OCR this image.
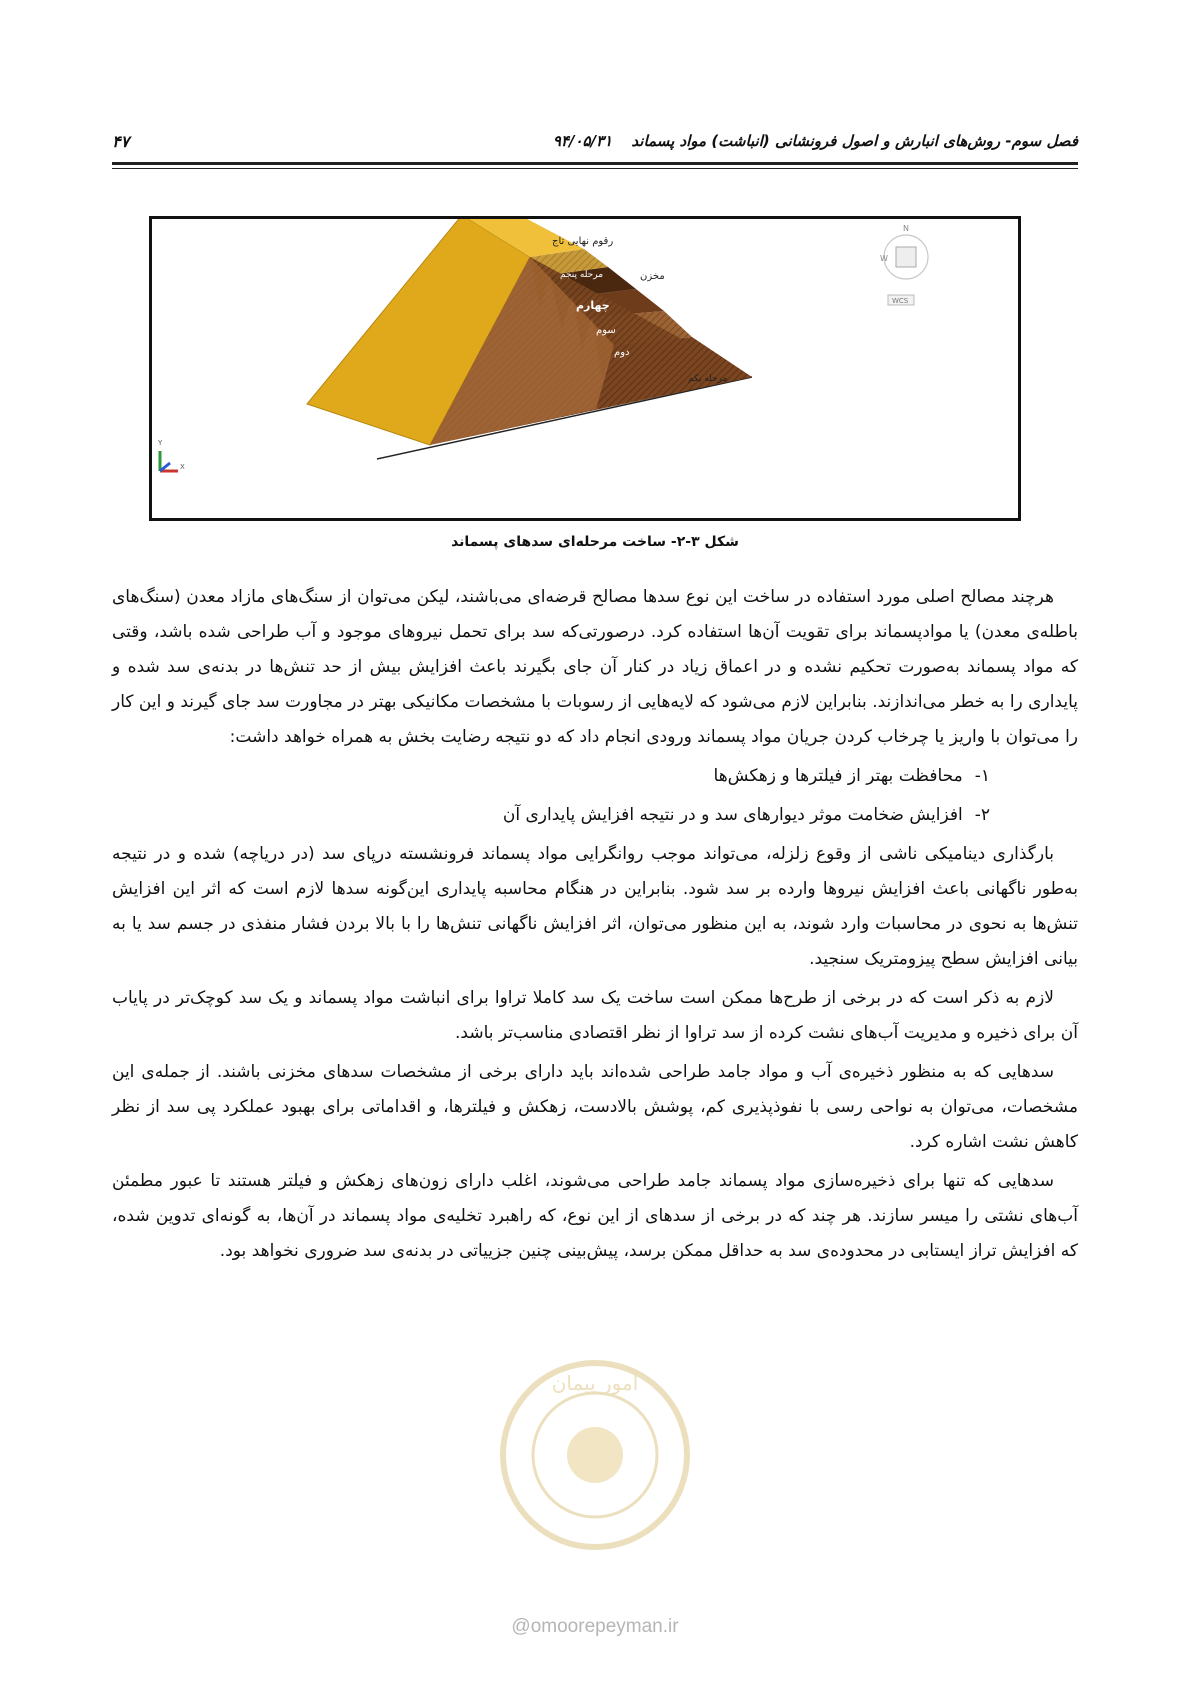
فصل سوم- روش‌های انبارش و اصول فرونشانی (انباشت) مواد پسماند ۹۴/۰۵/۳۱
۴۷
رقوم نهایی تاج
مرحله پنجم	مخزن
چهارم
سوم
دوم
مرحله یکم
N
W
WCS
Y
X
شکل ۳-۲- ساخت مرحله‌ای سدهای پسماند

هرچند مصالح اصلی مورد استفاده در ساخت این نوع سدها مصالح قرضه‌ای می‌باشند، لیکن می‌توان از سنگ‌های مازاد معدن (سنگ‌های باطله‌ی معدن) یا موادپسماند برای تقویت آن‌ها استفاده کرد. درصورتی‌که سد برای تحمل نیروهای موجود و آب طراحی شده باشد، وقتی که مواد پسماند به‌صورت تحکیم نشده و در اعماق زیاد در کنار آن جای بگیرند باعث افزایش بیش از حد تنش‌ها در بدنه‌ی سد شده و پایداری را به خطر می‌اندازند. بنابراین لازم می‌شود که لایه‌هایی از رسوبات با مشخصات مکانیکی بهتر در مجاورت سد جای گیرند و این کار را می‌توان با واریز یا چرخاب کردن جریان مواد پسماند ورودی انجام داد که دو نتیجه رضایت بخش به همراه خواهد داشت:

۱-محافظت بهتر از فیلترها و زهکش‌ها

۲-افزایش ضخامت موثر دیوارهای سد و در نتیجه افزایش پایداری آن

بارگذاری دینامیکی ناشی از وقوع زلزله، می‌تواند موجب روانگرایی مواد پسماند فرونشسته درپای سد (در دریاچه) شده و در نتیجه به‌طور ناگهانی باعث افزایش نیروها وارده بر سد شود. بنابراین در هنگام محاسبه پایداری این‌گونه سدها لازم است که اثر این افزایش تنش‌ها به نحوی در محاسبات وارد شوند، به این منظور می‌توان، اثر افزایش ناگهانی تنش‌ها را با بالا بردن فشار منفذی در جسم سد یا به بیانی افزایش سطح پیزومتریک سنجید.

لازم به ذکر است که در برخی از طرح‌ها ممکن است ساخت یک سد کاملا تراوا برای انباشت مواد پسماند و یک سد کوچک‌تر در پایاب آن برای ذخیره و مدیریت آب‌های نشت کرده از سد تراوا از نظر اقتصادی مناسب‌تر باشد.

سدهایی که به منظور ذخیره‌ی آب و مواد جامد طراحی شده‌اند باید دارای برخی از مشخصات سدهای مخزنی باشند. از جمله‌ی این مشخصات، می‌توان به نواحی رسی با نفوذپذیری کم، پوشش بالادست، زهکش و فیلترها، و اقداماتی برای بهبود عملکرد پی سد از نظر کاهش نشت اشاره کرد.

سدهایی که تنها برای ذخیره‌سازی مواد پسماند جامد طراحی می‌شوند، اغلب دارای زون‌های زهکش و فیلتر هستند تا عبور مطمئن آب‌های نشتی را میسر سازند. هر چند که در برخی از سدهای از این نوع، که راهبرد تخلیه‌ی مواد پسماند در آن‌ها، به گونه‌ای تدوین شده، که افزایش تراز ایستابی در محدوده‌ی سد به حداقل ممکن برسد، پیش‌بینی چنین جزییاتی در بدنه‌ی سد ضروری نخواهد بود.

امور پیمان
@omoorepeyman.ir
